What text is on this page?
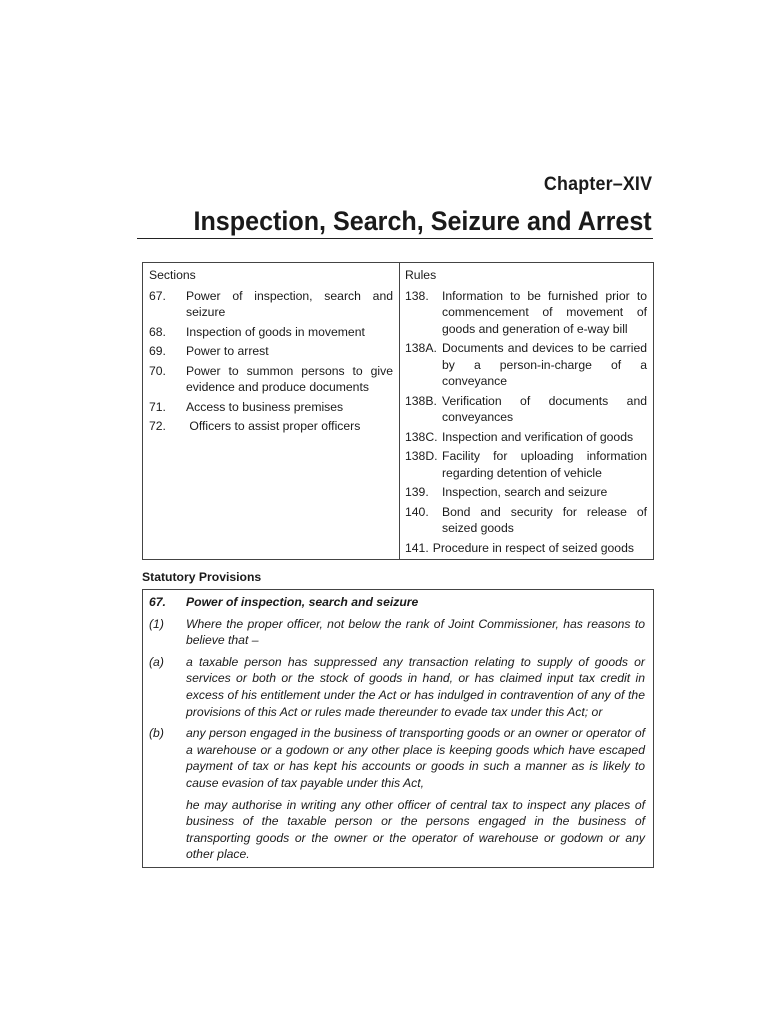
Chapter–XIV
Inspection, Search, Seizure and Arrest
Sections
67.	Power of inspection, search and seizure
68.	Inspection of goods in movement
69.	Power to arrest
70.	Power to summon persons to give evidence and produce documents
71.	Access to business premises
72.	Officers to assist proper officers
Rules
138.	Information to be furnished prior to commencement of movement of goods and generation of e-way bill
138A. Documents and devices to be carried by a person-in-charge of a conveyance
138B. Verification of documents and conveyances
138C. Inspection and verification of goods
138D. Facility for uploading information regarding detention of vehicle
139.	Inspection, search and seizure
140.	Bond and security for release of seized goods
141. Procedure in respect of seized goods
Statutory Provisions
67.	Power of inspection, search and seizure
(1)	Where the proper officer, not below the rank of Joint Commissioner, has reasons to believe that –
(a)	a taxable person has suppressed any transaction relating to supply of goods or services or both or the stock of goods in hand, or has claimed input tax credit in excess of his entitlement under the Act or has indulged in contravention of any of the provisions of this Act or rules made thereunder to evade tax under this Act; or
(b)	any person engaged in the business of transporting goods or an owner or operator of a warehouse or a godown or any other place is keeping goods which have escaped payment of tax or has kept his accounts or goods in such a manner as is likely to cause evasion of tax payable under this Act,
he may authorise in writing any other officer of central tax to inspect any places of business of the taxable person or the persons engaged in the business of transporting goods or the owner or the operator of warehouse or godown or any other place.
